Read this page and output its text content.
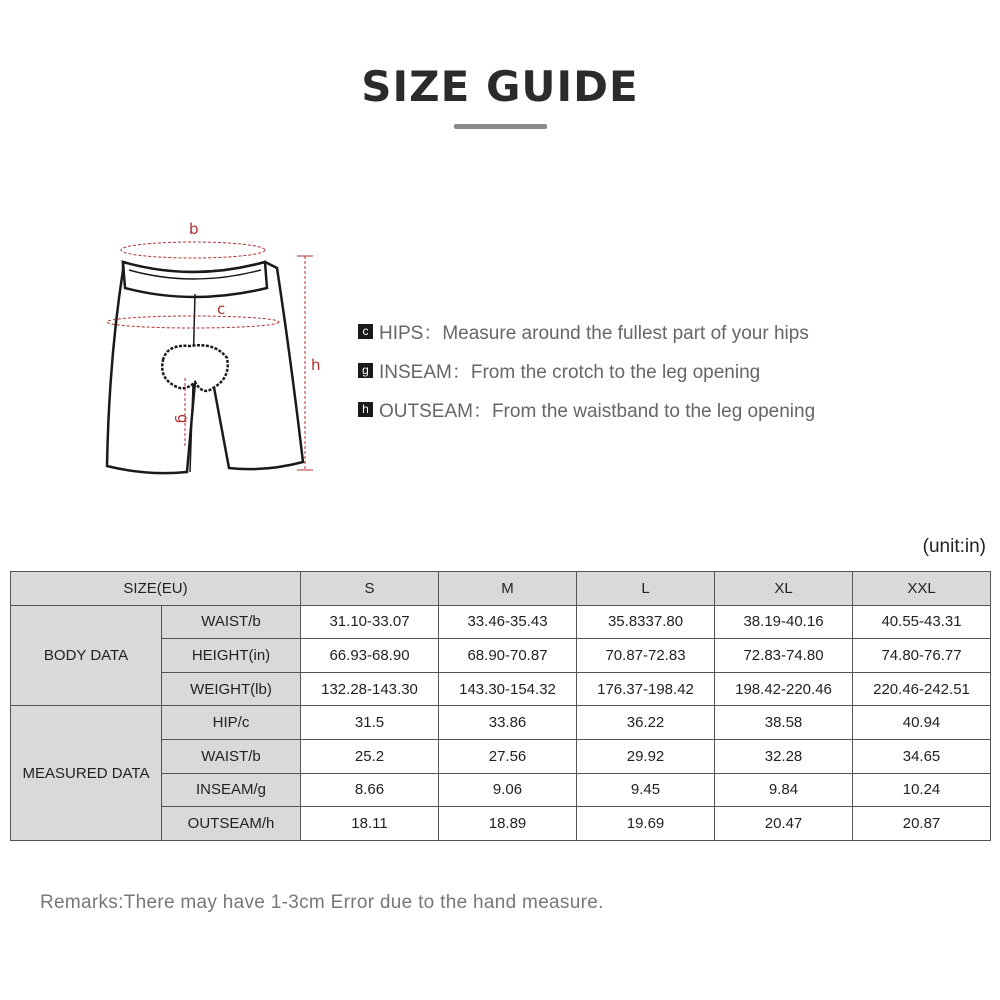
SIZE GUIDE
b
c
g
h
c HIPS：Measure around the fullest part of your hips
g INSEAM：From the crotch to the leg opening
h OUTSEAM：From the waistband to the leg opening
(unit:in)
SIZE(EU)		S	M	L	XL	XXL
BODY DATA	WAIST/b	31.10-33.07	33.46-35.43	35.8337.80	38.19-40.16	40.55-43.31
	HEIGHT(in)	66.93-68.90	68.90-70.87	70.87-72.83	72.83-74.80	74.80-76.77
	WEIGHT(lb)	132.28-143.30	143.30-154.32	176.37-198.42	198.42-220.46	220.46-242.51
MEASURED DATA	HIP/c	31.5	33.86	36.22	38.58	40.94
	WAIST/b	25.2	27.56	29.92	32.28	34.65
	INSEAM/g	8.66	9.06	9.45	9.84	10.24
	OUTSEAM/h	18.11	18.89	19.69	20.47	20.87
Remarks:There may have 1-3cm Error due to the hand measure.
